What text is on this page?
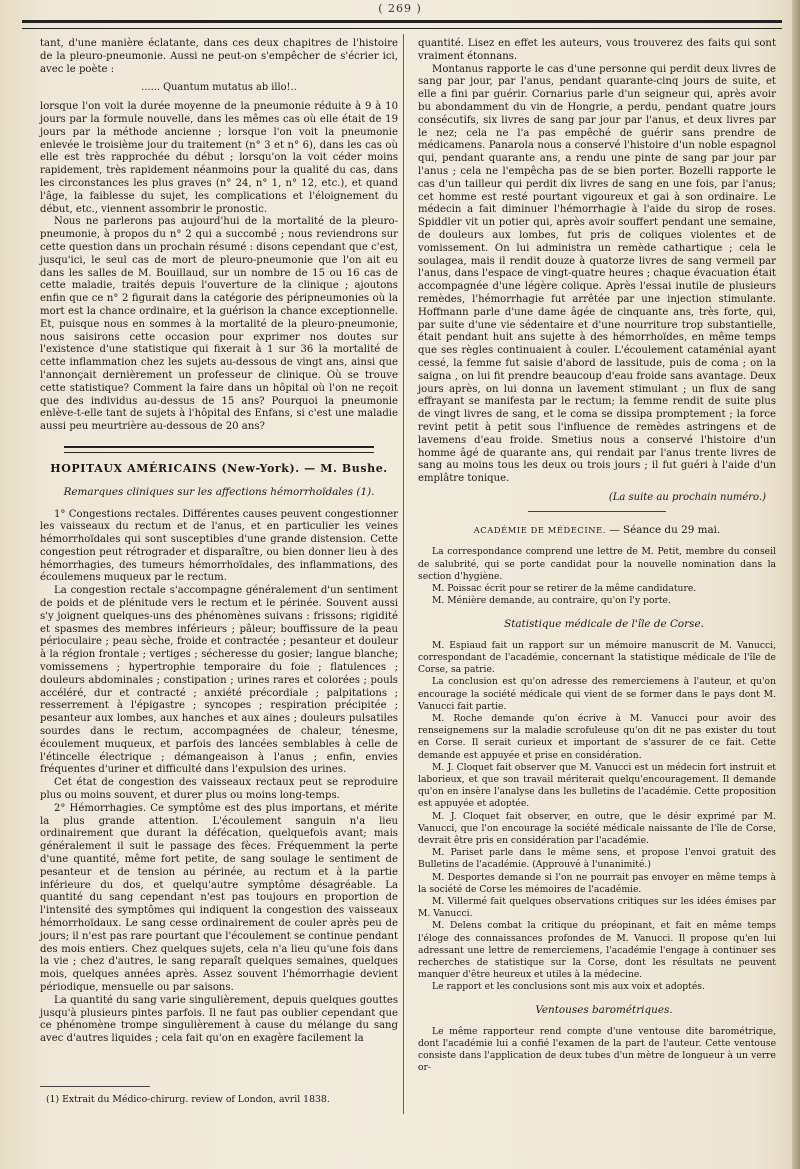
( 269 )

tant, d'une manière éclatante, dans ces deux chapitres de l'histoire de la pleuro-pneumonie. Aussi ne peut-on s'empêcher de s'écrier ici, avec le poète :

...... Quantum mutatus ab illo!..

lorsque l'on voit la durée moyenne de la pneumonie réduite à 9 à 10 jours par la formule nouvelle, dans les mêmes cas où elle était de 19 jours par la méthode ancienne ; lorsque l'on voit la pneumonie enlevée le troisième jour du traitement (n° 3 et n° 6), dans les cas où elle est très rapprochée du début ; lorsqu'on la voit céder moins rapidement, très rapidement néanmoins pour la qualité du cas, dans les circonstances les plus graves (n° 24, n° 1, n° 12, etc.), et quand l'âge, la faiblesse du sujet, les complications et l'éloignement du début, etc., viennent assombrir le pronostic.

Nous ne parlerons pas aujourd'hui de la mortalité de la pleuro-pneumonie, à propos du n° 2 qui a succombé ; nous reviendrons sur cette question dans un prochain résumé : disons cependant que c'est, jusqu'ici, le seul cas de mort de pleuro-pneumonie que l'on ait eu dans les salles de M. Bouillaud, sur un nombre de 15 ou 16 cas de cette maladie, traités depuis l'ouverture de la clinique ; ajoutons enfin que ce n° 2 figurait dans la catégorie des péripneumonies où la mort est la chance ordinaire, et la guérison la chance exceptionnelle. Et, puisque nous en sommes à la mortalité de la pleuro-pneumonie, nous saisirons cette occasion pour exprimer nos doutes sur l'existence d'une statistique qui fixerait à 1 sur 36 la mortalité de cette inflammation chez les sujets au-dessous de vingt ans, ainsi que l'annonçait dernièrement un professeur de clinique. Où se trouve cette statistique? Comment la faire dans un hôpital où l'on ne reçoit que des individus au-dessus de 15 ans? Pourquoi la pneumonie enlève-t-elle tant de sujets à l'hôpital des Enfans, si c'est une maladie aussi peu meurtrière au-dessous de 20 ans?

HOPITAUX AMÉRICAINS (New-York). — M. Bushe.
Remarques cliniques sur les affections hémorrhoïdales (1).

1° Congestions rectales. Différentes causes peuvent congestionner les vaisseaux du rectum et de l'anus, et en particulier les veines hémorrhoïdales qui sont susceptibles d'une grande distension. Cette congestion peut rétrograder et disparaître, ou bien donner lieu à des hémorrhagies, des tumeurs hémorrhoïdales, des inflammations, des écoulemens muqueux par le rectum.

La congestion rectale s'accompagne généralement d'un sentiment de poids et de plénitude vers le rectum et le périnée. Souvent aussi s'y joignent quelques-uns des phénomènes suivans : frissons; rigidité et spasmes des membres inférieurs ; pâleur; bouffissure de la peau périoculaire ; peau sèche, froide et contractée ; pesanteur et douleur à la région frontale ; vertiges ; sécheresse du gosier; langue blanche; vomissemens ; hypertrophie temporaire du foie ; flatulences ; douleurs abdominales ; constipation ; urines rares et colorées ; pouls accéléré, dur et contracté ; anxiété précordiale ; palpitations ; resserrement à l'épigastre ; syncopes ; respiration précipitée ; pesanteur aux lombes, aux hanches et aux aines ; douleurs pulsatiles sourdes dans le rectum, accompagnées de chaleur, ténesme, écoulement muqueux, et parfois des lancées semblables à celle de l'étincelle électrique ; démangeaison à l'anus ; enfin, envies fréquentes d'uriner et difficulté dans l'expulsion des urines.

Cet état de congestion des vaisseaux rectaux peut se reproduire plus ou moins souvent, et durer plus ou moins long-temps.

2° Hémorrhagies. Ce symptôme est des plus importans, et mérite la plus grande attention. L'écoulement sanguin n'a lieu ordinairement que durant la défécation, quelquefois avant; mais généralement il suit le passage des fèces. Fréquemment la perte d'une quantité, même fort petite, de sang soulage le sentiment de pesanteur et de tension au périnée, au rectum et à la partie inférieure du dos, et quelqu'autre symptôme désagréable. La quantité du sang cependant n'est pas toujours en proportion de l'intensité des symptômes qui indiquent la congestion des vaisseaux hémorrhoïdaux. Le sang cesse ordinairement de couler après peu de jours; il n'est pas rare pourtant que l'écoulement se continue pendant des mois entiers. Chez quelques sujets, cela n'a lieu qu'une fois dans la vie ; chez d'autres, le sang reparaît quelques semaines, quelques mois, quelques années après. Assez souvent l'hémorrhagie devient périodique, mensuelle ou par saisons.

La quantité du sang varie singulièrement, depuis quelques gouttes jusqu'à plusieurs pintes parfois. Il ne faut pas oublier cependant que ce phénomène trompe singulièrement à cause du mélange du sang avec d'autres liquides ; cela fait qu'on en exagère facilement la

(1) Extrait du Médico-chirurg. review of London, avril 1838.

quantité. Lisez en effet les auteurs, vous trouverez des faits qui sont vraiment étonnans.

Montanus rapporte le cas d'une personne qui perdit deux livres de sang par jour, par l'anus, pendant quarante-cinq jours de suite, et elle a fini par guérir. Cornarius parle d'un seigneur qui, après avoir bu abondamment du vin de Hongrie, a perdu, pendant quatre jours consécutifs, six livres de sang par jour par l'anus, et deux livres par le nez; cela ne l'a pas empêché de guérir sans prendre de médicamens. Panarola nous a conservé l'histoire d'un noble espagnol qui, pendant quarante ans, a rendu une pinte de sang par jour par l'anus ; cela ne l'empêcha pas de se bien porter. Bozelli rapporte le cas d'un tailleur qui perdit dix livres de sang en une fois, par l'anus; cet homme est resté pourtant vigoureux et gai à son ordinaire. Le médecin a fait diminuer l'hémorrhagie à l'aide du sirop de roses. Spiddler vit un potier qui, après avoir souffert pendant une semaine, de douleurs aux lombes, fut pris de coliques violentes et de vomissement. On lui administra un remède cathartique ; cela le soulagea, mais il rendit douze à quatorze livres de sang vermeil par l'anus, dans l'espace de vingt-quatre heures ; chaque évacuation était accompagnée d'une légère colique. Après l'essai inutile de plusieurs remèdes, l'hémorrhagie fut arrêtée par une injection stimulante. Hoffmann parle d'une dame âgée de cinquante ans, très forte, qui, par suite d'une vie sédentaire et d'une nourriture trop substantielle, était pendant huit ans sujette à des hémorrhoïdes, en même temps que ses règles continuaient à couler. L'écoulement cataménial ayant cessé, la femme fut saisie d'abord de lassitude, puis de coma ; on la saigna , on lui fit prendre beaucoup d'eau froide sans avantage. Deux jours après, on lui donna un lavement stimulant ; un flux de sang effrayant se manifesta par le rectum; la femme rendit de suite plus de vingt livres de sang, et le coma se dissipa promptement ; la force revint petit à petit sous l'influence de remèdes astringens et de lavemens d'eau froide. Smetius nous a conservé l'histoire d'un homme âgé de quarante ans, qui rendait par l'anus trente livres de sang au moins tous les deux ou trois jours ; il fut guéri à l'aide d'un emplâtre tonique.

(La suite au prochain numéro.)

ACADÉMIE DE MÉDECINE. — Séance du 29 mai.

La correspondance comprend une lettre de M. Petit, membre du conseil de salubrité, qui se porte candidat pour la nouvelle nomination dans la section d'hygiène.

M. Poissac écrit pour se retirer de la même candidature.

M. Ménière demande, au contraire, qu'on l'y porte.

Statistique médicale de l'île de Corse.

M. Espiaud fait un rapport sur un mémoire manuscrit de M. Vanucci, correspondant de l'académie, concernant la statistique médicale de l'île de Corse, sa patrie.

La conclusion est qu'on adresse des remerciemens à l'auteur, et qu'on encourage la société médicale qui vient de se former dans le pays dont M. Vanucci fait partie.

M. Roche demande qu'on écrive à M. Vanucci pour avoir des renseignemens sur la maladie scrofuleuse qu'on dit ne pas exister du tout en Corse. Il serait curieux et important de s'assurer de ce fait. Cette demande est appuyée et prise en considération.

M. J. Cloquet fait observer que M. Vanucci est un médecin fort instruit et laborieux, et que son travail mériterait quelqu'encouragement. Il demande qu'on en insère l'analyse dans les bulletins de l'académie. Cette proposition est appuyée et adoptée.

M. J. Cloquet fait observer, en outre, que le désir exprimé par M. Vanucci, que l'on encourage la société médicale naissante de l'île de Corse, devrait être pris en considération par l'académie.

M. Pariset parle dans le même sens, et propose l'envoi gratuit des Bulletins de l'académie. (Approuvé à l'unanimité.)

M. Desportes demande si l'on ne pourrait pas envoyer en même temps à la société de Corse les mémoires de l'académie.

M. Villermé fait quelques observations critiques sur les idées émises par M. Vanucci.

M. Delens combat la critique du préopinant, et fait en même temps l'éloge des connaissances profondes de M. Vanucci. Il propose qu'en lui adressant une lettre de remerciemens, l'académie l'engage à continuer ses recherches de statistique sur la Corse, dont les résultats ne peuvent manquer d'être heureux et utiles à la médecine.

Le rapport et les conclusions sont mis aux voix et adoptés.

Ventouses barométriques.

Le même rapporteur rend compte d'une ventouse dite barométrique, dont l'académie lui a confié l'examen de la part de l'auteur. Cette ventouse consiste dans l'application de deux tubes d'un mètre de longueur à un verre or-
